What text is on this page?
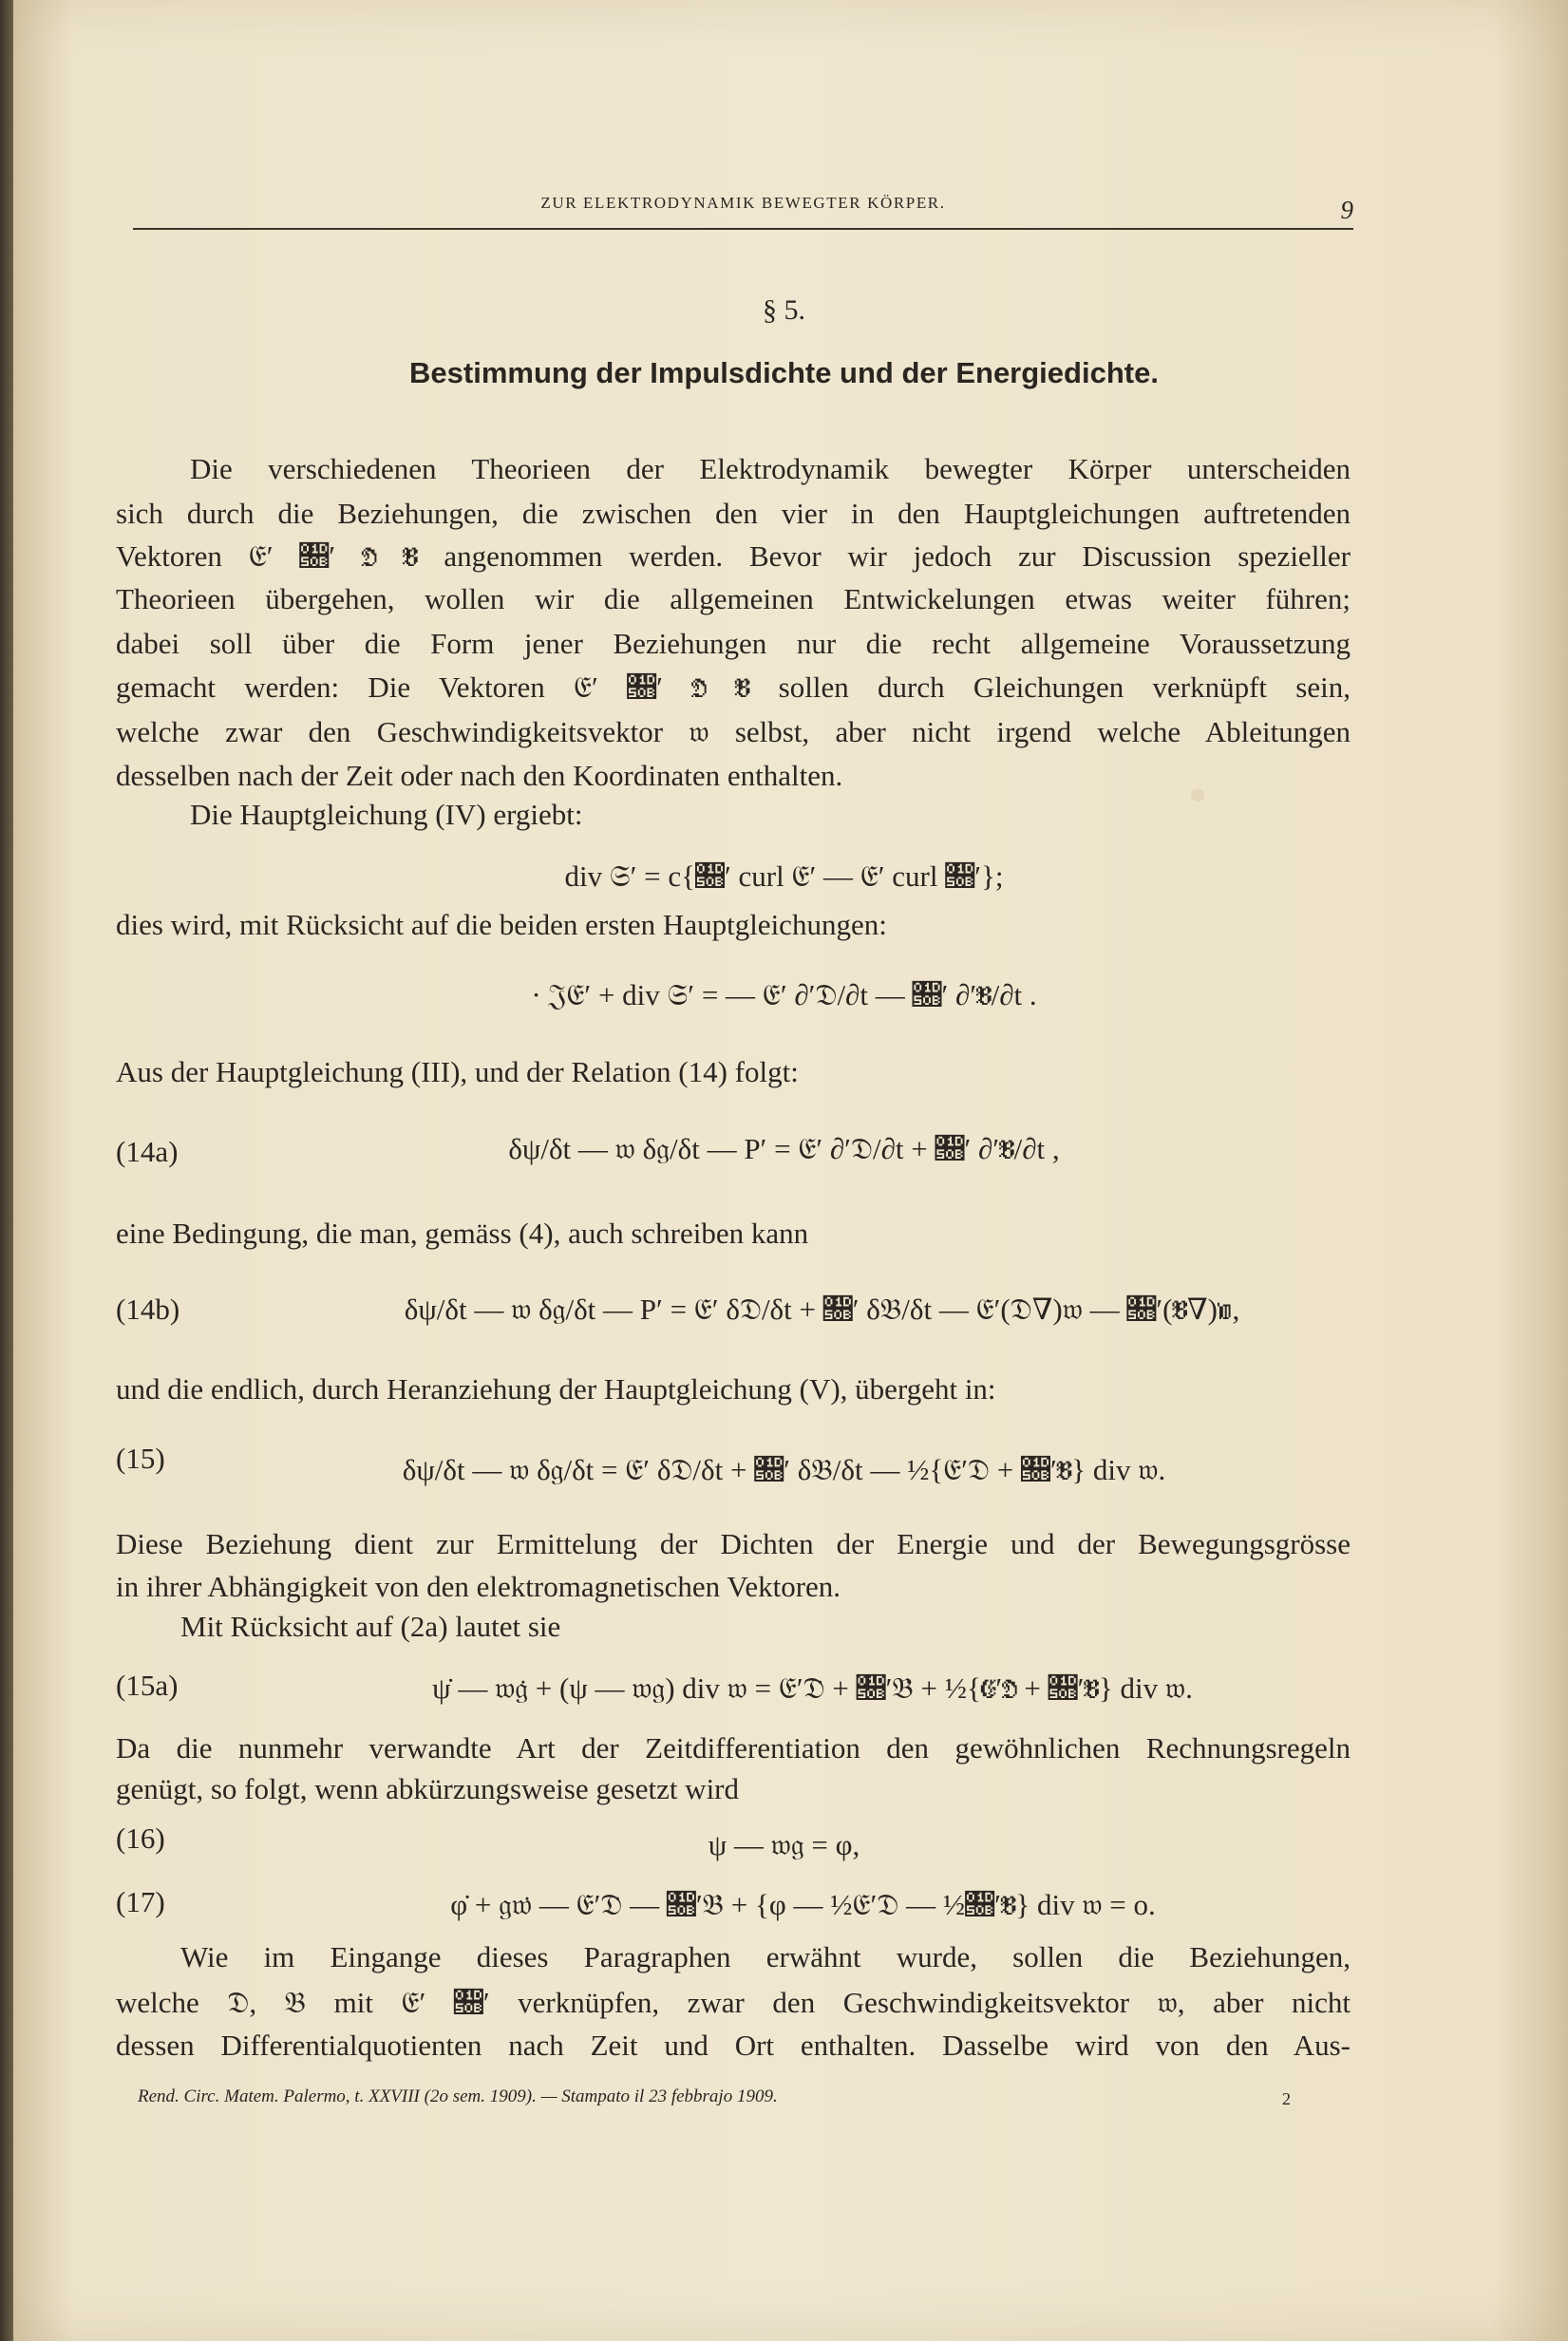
ZUR ELEKTRODYNAMIK BEWEGTER KÖRPER.	9
§ 5.
Bestimmung der Impulsdichte und der Energiedichte.
Die verschiedenen Theorieen der Elektrodynamik bewegter Körper unterscheiden
sich durch die Beziehungen, die zwischen den vier in den Hauptgleichungen auftretenden
Vektoren 𝔈′ 𝔋′ 𝔇 𝔅 angenommen werden. Bevor wir jedoch zur Discussion spezieller
Theorieen übergehen, wollen wir die allgemeinen Entwickelungen etwas weiter führen;
dabei soll über die Form jener Beziehungen nur die recht allgemeine Voraussetzung
gemacht werden: Die Vektoren 𝔈′ 𝔋′ 𝔇 𝔅 sollen durch Gleichungen verknüpft sein,
welche zwar den Geschwindigkeitsvektor 𝔴 selbst, aber nicht irgend welche Ableitungen
desselben nach der Zeit oder nach den Koordinaten enthalten.
Die Hauptgleichung (IV) ergiebt:
div 𝔖′ = c{𝔋′ curl 𝔈′ — 𝔈′ curl 𝔋′};
dies wird, mit Rücksicht auf die beiden ersten Hauptgleichungen:
· 𝔍𝔈′ + div 𝔖′ = — 𝔈′ ∂′𝔇/∂t — 𝔋′ ∂′𝔅/∂t .
Aus der Hauptgleichung (III), und der Relation (14) folgt:
(14a)	δψ/δt — 𝔴 δ𝔤/δt — P′ = 𝔈′ ∂′𝔇/∂t + 𝔋′ ∂′𝔅/∂t ,
eine Bedingung, die man, gemäss (4), auch schreiben kann
(14b)	δψ/δt — 𝔴 δ𝔤/δt — P′ = 𝔈′ δ𝔇/δt + 𝔋′ δ𝔅/δt — 𝔈′(𝔇∇)𝔴 — 𝔋′(𝔅∇)𝔴,
und die endlich, durch Heranziehung der Hauptgleichung (V), übergeht in:
(15)	δψ/δt — 𝔴 δ𝔤/δt = 𝔈′ δ𝔇/δt + 𝔋′ δ𝔅/δt — ½{𝔈′𝔇 + 𝔋′𝔅} div 𝔴.
Diese Beziehung dient zur Ermittelung der Dichten der Energie und der Bewegungsgrösse
in ihrer Abhängigkeit von den elektromagnetischen Vektoren.
Mit Rücksicht auf (2a) lautet sie
(15a)	ψ̇ — 𝔴𝔤̇ + (ψ — 𝔴𝔤) div 𝔴 = 𝔈′𝔇̇ + 𝔋′𝔅̇ + ½{𝔈′𝔇 + 𝔋′𝔅} div 𝔴.
Da die nunmehr verwandte Art der Zeitdifferentiation den gewöhnlichen Rechnungsregeln
genügt, so folgt, wenn abkürzungsweise gesetzt wird
(16)	ψ — 𝔴𝔤 = φ,
(17)	φ̇ + 𝔤𝔴̇ — 𝔈′𝔇̇ — 𝔋′𝔅̇ + {φ — ½𝔈′𝔇 — ½𝔋′𝔅} div 𝔴 = o.
Wie im Eingange dieses Paragraphen erwähnt wurde, sollen die Beziehungen,
welche 𝔇, 𝔅 mit 𝔈′ 𝔋′ verknüpfen, zwar den Geschwindigkeitsvektor 𝔴, aber nicht
dessen Differentialquotienten nach Zeit und Ort enthalten. Dasselbe wird von den Aus-
Rend. Circ. Matem. Palermo, t. XXVIII (2o sem. 1909). — Stampato il 23 febbrajo 1909.	2
